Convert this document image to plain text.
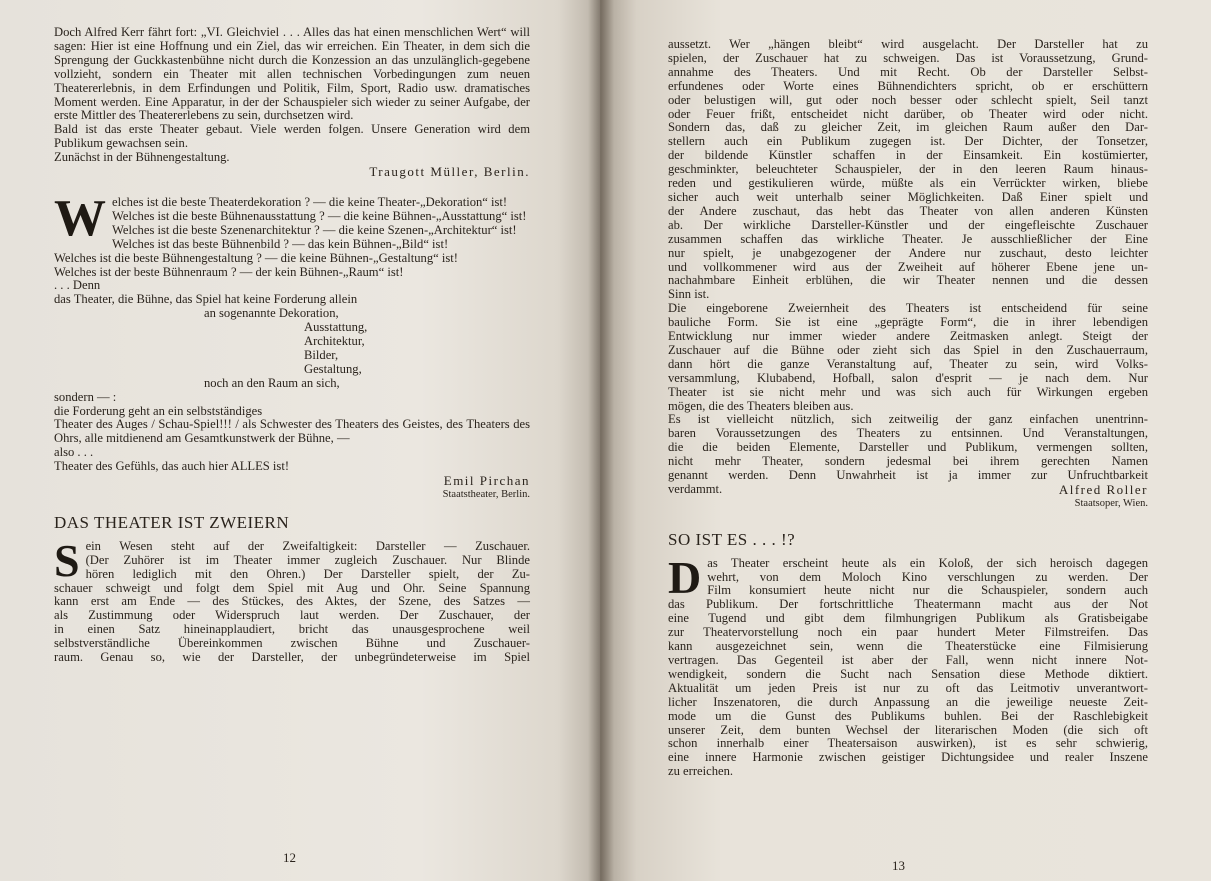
Doch Alfred Kerr fährt fort: „VI. Gleichviel . . . Alles das hat einen menschlichen Wert“ will sagen: Hier ist eine Hoffnung und ein Ziel, das wir erreichen. Ein Theater, in dem sich die Sprengung der Guckkastenbühne nicht durch die Konzession an das unzulänglich-gegebene vollzieht, sondern ein Theater mit allen technischen Vorbedingungen zum neuen Theatererlebnis, in dem Erfindungen und Politik, Film, Sport, Radio usw. dramatisches Moment werden. Eine Apparatur, in der der Schauspieler sich wieder zu seiner Aufgabe, der erste Mittler des Theatererlebens zu sein, durchsetzen wird.

Bald ist das erste Theater gebaut. Viele werden folgen. Unsere Generation wird dem Publikum gewachsen sein.

Zunächst in der Bühnengestaltung.

Traugott Müller, Berlin.

Welches ist die beste Theaterdekoration ? — die keine Theater-„Dekoration“ ist!

Welches ist die beste Bühnenausstattung ? — die keine Bühnen-„Ausstattung“ ist!

Welches ist die beste Szenenarchitektur ? — die keine Szenen-„Architektur“ ist!

Welches ist das beste Bühnenbild ? — das kein Bühnen-„Bild“ ist!

Welches ist die beste Bühnengestaltung ? — die keine Bühnen-„Gestaltung“ ist!

Welches ist der beste Bühnenraum ? — der kein Bühnen-„Raum“ ist!

. . . Denn

das Theater, die Bühne, das Spiel hat keine Forderung allein

an sogenannte Dekoration,
Ausstattung,
Architektur,
Bilder,
Gestaltung,
noch an den Raum an sich,

sondern — :

die Forderung geht an ein selbstständiges

Theater des Auges / Schau-Spiel!!! / als Schwester des Theaters des Geistes, des Theaters des Ohrs, alle mitdienend am Gesamtkunstwerk der Bühne, —

also . . .

Theater des Gefühls, das auch hier ALLES ist!

Emil Pirchan
Staatstheater, Berlin.
DAS THEATER IST ZWEIERN
S ein Wesen steht auf der Zweifaltigkeit: Darsteller — Zuschauer.
(Der Zuhörer ist im Theater immer zugleich Zuschauer. Nur Blinde
hören lediglich mit den Ohren.) Der Darsteller spielt, der Zu-
schauer schweigt und folgt dem Spiel mit Aug und Ohr. Seine Spannung
kann erst am Ende — des Stückes, des Aktes, der Szene, des Satzes —
als Zustimmung oder Widerspruch laut werden. Der Zuschauer, der
in einen Satz hineinapplaudiert, bricht das unausgesprochene weil
selbstverständliche Übereinkommen zwischen Bühne und Zuschauer-
raum. Genau so, wie der Darsteller, der unbegründeterweise im Spiel
12
aussetzt. Wer „hängen bleibt“ wird ausgelacht. Der Darsteller hat zu
spielen, der Zuschauer hat zu schweigen. Das ist Voraussetzung, Grund-
annahme des Theaters. Und mit Recht. Ob der Darsteller Selbst-
erfundenes oder Worte eines Bühnendichters spricht, ob er erschüttern
oder belustigen will, gut oder noch besser oder schlecht spielt, Seil tanzt
oder Feuer frißt, entscheidet nicht darüber, ob Theater wird oder nicht.
Sondern das, daß zu gleicher Zeit, im gleichen Raum außer den Dar-
stellern auch ein Publikum zugegen ist. Der Dichter, der Tonsetzer,
der bildende Künstler schaffen in der Einsamkeit. Ein kostümierter,
geschminkter, beleuchteter Schauspieler, der in den leeren Raum hinaus-
reden und gestikulieren würde, müßte als ein Verrückter wirken, bliebe
sicher auch weit unterhalb seiner Möglichkeiten. Daß Einer spielt und
der Andere zuschaut, das hebt das Theater von allen anderen Künsten
ab. Der wirkliche Darsteller-Künstler und der eingefleischte Zuschauer
zusammen schaffen das wirkliche Theater. Je ausschließlicher der Eine
nur spielt, je unabgezogener der Andere nur zuschaut, desto leichter
und vollkommener wird aus der Zweiheit auf höherer Ebene jene un-
nachahmbare Einheit erblühen, die wir Theater nennen und die dessen
Sinn ist.
Die eingeborene Zweiernheit des Theaters ist entscheidend für seine
bauliche Form. Sie ist eine „geprägte Form“, die in ihrer lebendigen
Entwicklung nur immer wieder andere Zeitmasken anlegt. Steigt der
Zuschauer auf die Bühne oder zieht sich das Spiel in den Zuschauerraum,
dann hört die ganze Veranstaltung auf, Theater zu sein, wird Volks-
versammlung, Klubabend, Hofball, salon d'esprit — je nach dem. Nur
Theater ist sie nicht mehr und was sich auch für Wirkungen ergeben
mögen, die des Theaters bleiben aus.
Es ist vielleicht nützlich, sich zeitweilig der ganz einfachen unentrinn-
baren Voraussetzungen des Theaters zu entsinnen. Und Veranstaltungen,
die die beiden Elemente, Darsteller und Publikum, vermengen sollten,
nicht mehr Theater, sondern jedesmal bei ihrem gerechten Namen
genannt werden. Denn Unwahrheit ist ja immer zur Unfruchtbarkeit
verdammt.	Alfred Roller
Staatsoper, Wien.
SO IST ES . . . !?
D as Theater erscheint heute als ein Koloß, der sich heroisch dagegen
wehrt, von dem Moloch Kino verschlungen zu werden. Der
Film konsumiert heute nicht nur die Schauspieler, sondern auch
das Publikum. Der fortschrittliche Theatermann macht aus der Not
eine Tugend und gibt dem filmhungrigen Publikum als Gratisbeigabe
zur Theatervorstellung noch ein paar hundert Meter Filmstreifen. Das
kann ausgezeichnet sein, wenn die Theaterstücke eine Filmisierung
vertragen. Das Gegenteil ist aber der Fall, wenn nicht innere Not-
wendigkeit, sondern die Sucht nach Sensation diese Methode diktiert.
Aktualität um jeden Preis ist nur zu oft das Leitmotiv unverantwort-
licher Inszenatoren, die durch Anpassung an die jeweilige neueste Zeit-
mode um die Gunst des Publikums buhlen. Bei der Raschlebigkeit
unserer Zeit, dem bunten Wechsel der literarischen Moden (die sich oft
schon innerhalb einer Theatersaison auswirken), ist es sehr schwierig,
eine innere Harmonie zwischen geistiger Dichtungsidee und realer Inszene
zu erreichen.
13
